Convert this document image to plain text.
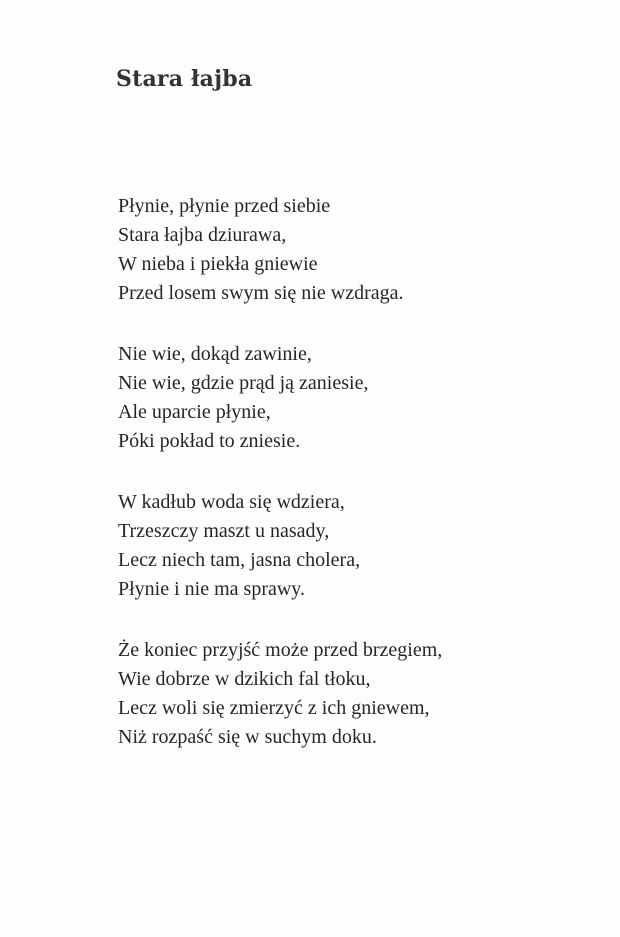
Stara łajba
Płynie, płynie przed siebie
Stara łajba dziurawa,
W nieba i piekła gniewie
Przed losem swym się nie wzdraga.
Nie wie, dokąd zawinie,
Nie wie, gdzie prąd ją zaniesie,
Ale uparcie płynie,
Póki pokład to zniesie.
W kadłub woda się wdziera,
Trzeszczy maszt u nasady,
Lecz niech tam, jasna cholera,
Płynie i nie ma sprawy.
Że koniec przyjść może przed brzegiem,
Wie dobrze w dzikich fal tłoku,
Lecz woli się zmierzyć z ich gniewem,
Niż rozpaść się w suchym doku.
